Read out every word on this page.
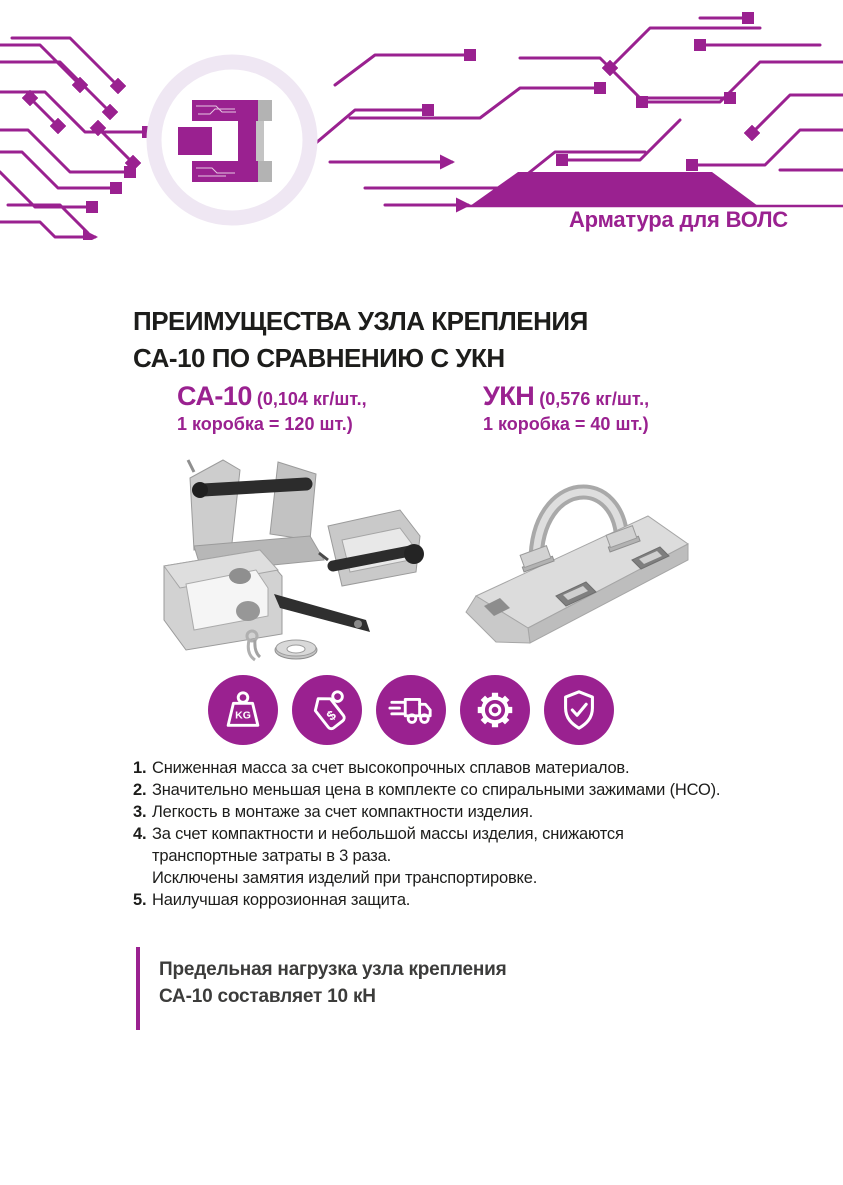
Арматура для ВОЛС
ПРЕИМУЩЕСТВА УЗЛА КРЕПЛЕНИЯ
СА-10 ПО СРАВНЕНИЮ С УКН
СА-10 (0,104 кг/шт.,
1 коробка = 120 шт.)
УКН (0,576 кг/шт.,
1 коробка = 40 шт.)
KG	$
1. Сниженная масса за счет высокопрочных сплавов материалов.
2. Значительно меньшая цена в комплекте со спиральными зажимами (НСО).
3. Легкость в монтаже за счет компактности изделия.
4. За счет компактности и небольшой массы изделия, снижаются
транспортные затраты в 3 раза.
Исключены замятия изделий при транспортировке.
5. Наилучшая коррозионная защита.
Предельная нагрузка узла крепления
СА-10 составляет 10 кН
